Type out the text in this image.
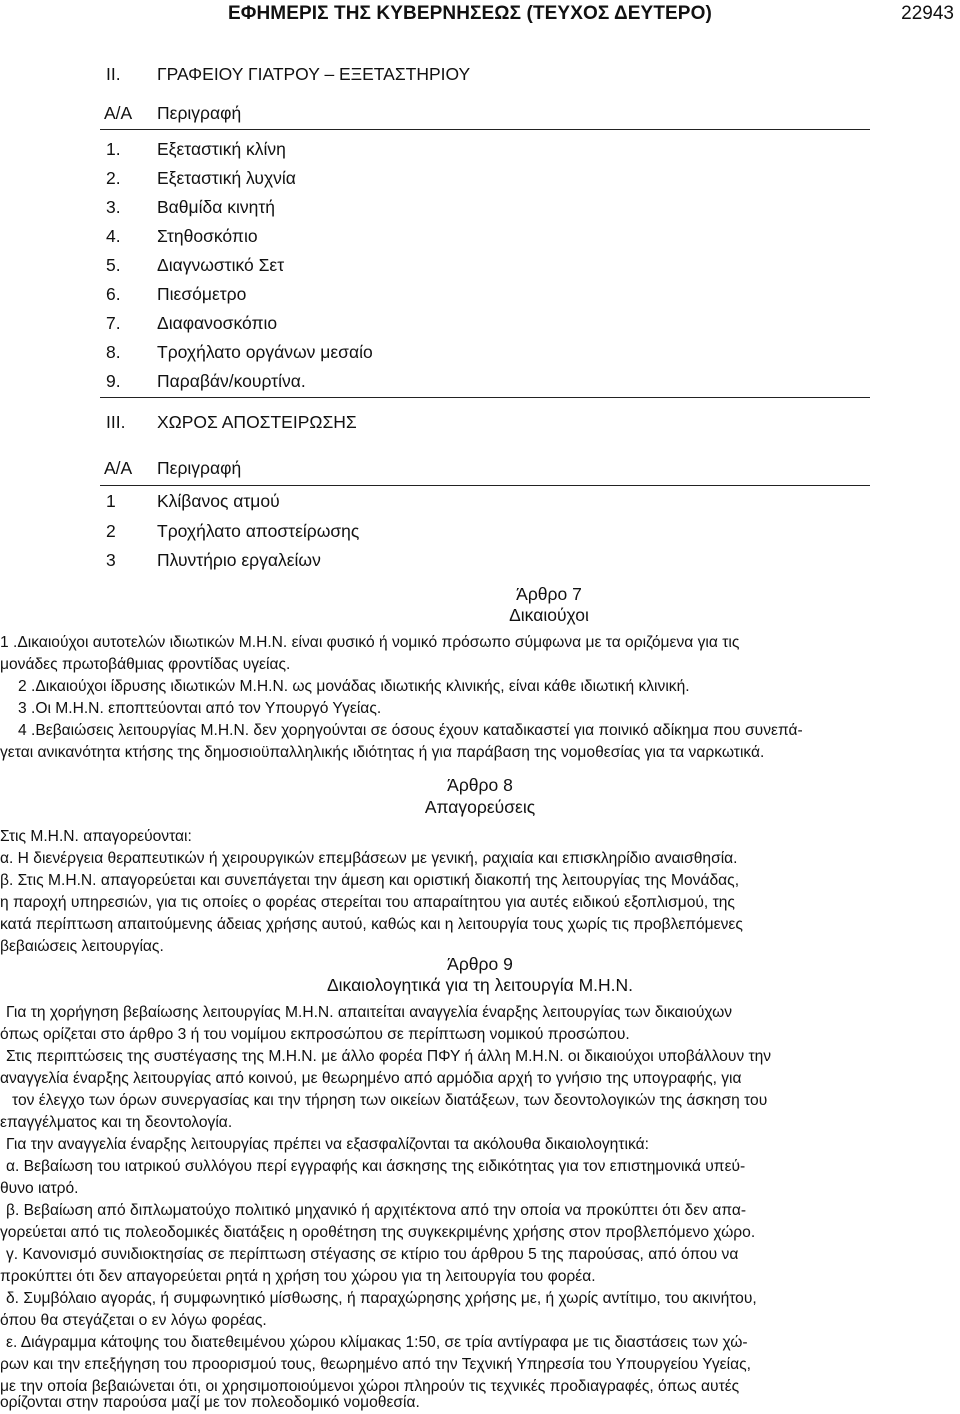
ΕΦΗΜΕΡΙΣ ΤΗΣ ΚΥΒΕΡΝΗΣΕΩΣ (ΤΕΥΧΟΣ ΔΕΥΤΕΡΟ)	22943
II. ΓΡΑΦΕΙΟΥ ΓΙΑΤΡΟΥ – ΕΞΕΤΑΣΤΗΡΙΟΥ
Α/Α Περιγραφή
1. Εξεταστική κλίνη
2. Εξεταστική λυχνία
3. Βαθμίδα κινητή
4. Στηθοσκόπιο
5. Διαγνωστικό Σετ
6. Πιεσόμετρο
7. Διαφανοσκόπιο
8. Τροχήλατο οργάνων μεσαίο
9. Παραβάν/κουρτίνα.
III. ΧΩΡΟΣ ΑΠΟΣΤΕΙΡΩΣΗΣ
Α/Α Περιγραφή
1 Κλίβανος ατμού
2 Τροχήλατο αποστείρωσης
3 Πλυντήριο εργαλείων
Άρθρο 7
Δικαιούχοι
1 .Δικαιούχοι αυτοτελών ιδιωτικών Μ.Η.Ν. είναι φυσικό ή νομικό πρόσωπο σύμφωνα με τα οριζόμενα για τις
μονάδες πρωτοβάθμιας φροντίδας υγείας.
2 .Δικαιούχοι ίδρυσης ιδιωτικών Μ.Η.Ν. ως μονάδας ιδιωτικής κλινικής, είναι κάθε ιδιωτική κλινική.
3 .Οι Μ.Η.Ν. εποπτεύονται από τον Υπουργό Υγείας.
4 .Βεβαιώσεις λειτουργίας Μ.Η.Ν. δεν χορηγούνται σε όσους έχουν καταδικαστεί για ποινικό αδίκημα που συνεπά-
γεται ανικανότητα κτήσης της δημοσιοϋπαλληλικής ιδιότητας ή για παράβαση της νομοθεσίας για τα ναρκωτικά.
Άρθρο 8
Απαγορεύσεις
Στις Μ.Η.Ν. απαγορεύονται:
α. Η διενέργεια θεραπευτικών ή χειρουργικών επεμβάσεων με γενική, ραχιαία και επισκληρίδιο αναισθησία.
β. Στις Μ.Η.Ν. απαγορεύεται και συνεπάγεται την άμεση και οριστική διακοπή της λειτουργίας της Μονάδας,
η παροχή υπηρεσιών, για τις οποίες ο φορέας στερείται του απαραίτητου για αυτές ειδικού εξοπλισμού, της
κατά περίπτωση απαιτούμενης άδειας χρήσης αυτού, καθώς και η λειτουργία τους χωρίς τις προβλεπόμενες
βεβαιώσεις λειτουργίας.
Άρθρο 9
Δικαιολογητικά για τη λειτουργία Μ.Η.Ν.
Για τη χορήγηση βεβαίωσης λειτουργίας Μ.Η.Ν. απαιτείται αναγγελία έναρξης λειτουργίας των δικαιούχων
όπως ορίζεται στο άρθρο 3 ή του νομίμου εκπροσώπου σε περίπτωση νομικού προσώπου.
Στις περιπτώσεις της συστέγασης της Μ.Η.Ν. με άλλο φορέα ΠΦΥ ή άλλη Μ.Η.Ν. οι δικαιούχοι υποβάλλουν την
αναγγελία έναρξης λειτουργίας από κοινού, με θεωρημένο από αρμόδια αρχή το γνήσιο της υπογραφής, για
τον έλεγχο των όρων συνεργασίας και την τήρηση των οικείων διατάξεων, των δεοντολογικών της άσκηση του
επαγγέλματος και τη δεοντολογία.
Για την αναγγελία έναρξης λειτουργίας πρέπει να εξασφαλίζονται τα ακόλουθα δικαιολογητικά:
α. Βεβαίωση του ιατρικού συλλόγου περί εγγραφής και άσκησης της ειδικότητας για τον επιστημονικά υπεύ-
θυνο ιατρό.
β. Βεβαίωση από διπλωματούχο πολιτικό μηχανικό ή αρχιτέκτονα από την οποία να προκύπτει ότι δεν απα-
γορεύεται από τις πολεοδομικές διατάξεις η οροθέτηση της συγκεκριμένης χρήσης στον προβλεπόμενο χώρο.
γ. Κανονισμό συνιδιοκτησίας σε περίπτωση στέγασης σε κτίριο του άρθρου 5 της παρούσας, από όπου να
προκύπτει ότι δεν απαγορεύεται ρητά η χρήση του χώρου για τη λειτουργία του φορέα.
δ. Συμβόλαιο αγοράς, ή συμφωνητικό μίσθωσης, ή παραχώρησης χρήσης με, ή χωρίς αντίτιμο, του ακινήτου,
όπου θα στεγάζεται ο εν λόγω φορέας.
ε. Διάγραμμα κάτοψης του διατεθειμένου χώρου κλίμακας 1:50, σε τρία αντίγραφα με τις διαστάσεις των χώ-
ρων και την επεξήγηση του προορισμού τους, θεωρημένο από την Τεχνική Υπηρεσία του Υπουργείου Υγείας,
με την οποία βεβαιώνεται ότι, οι χρησιμοποιούμενοι χώροι πληρούν τις τεχνικές προδιαγραφές, όπως αυτές
ορίζονται στην παρούσα μαζί με τον πολεοδομικό νομοθεσία.
